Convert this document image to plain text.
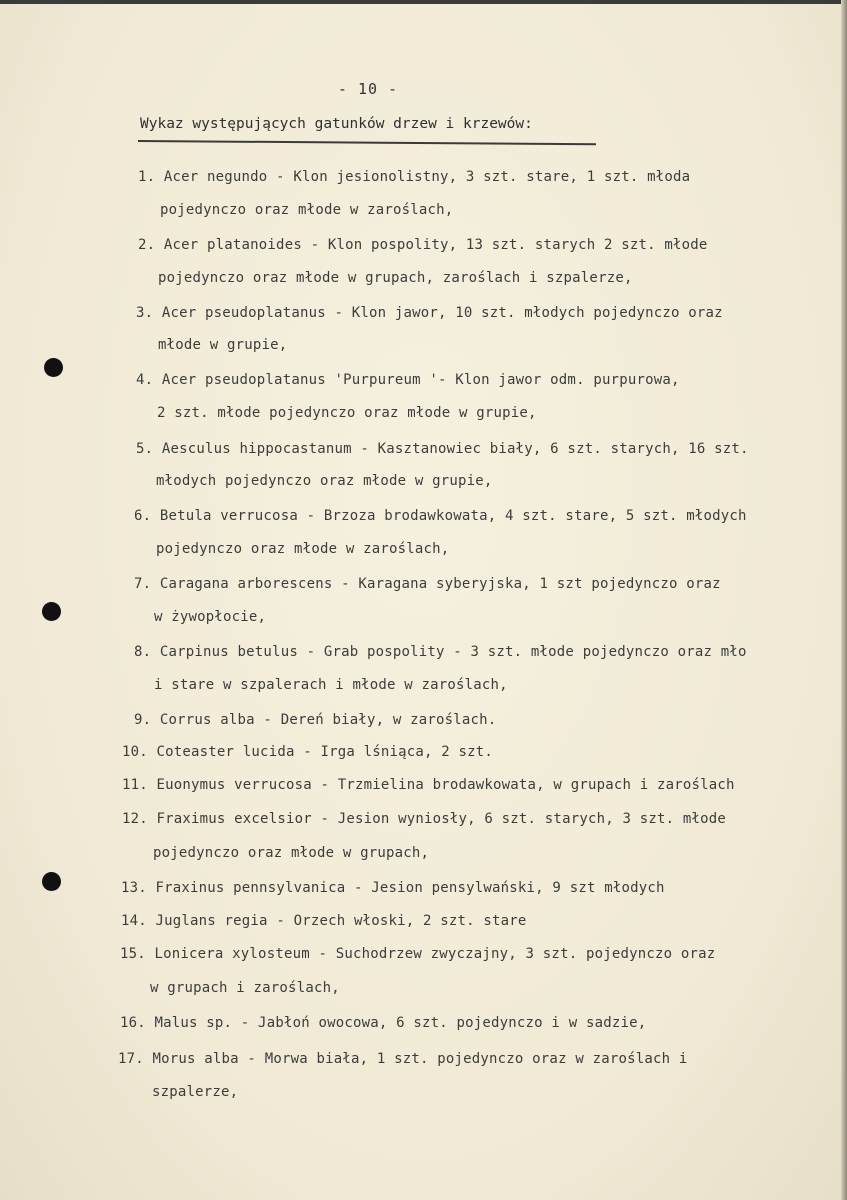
- 10 -
Wykaz występujących gatunków drzew i krzewów:
1. Acer negundo - Klon jesionolistny, 3 szt. stare, 1 szt. młoda
pojedynczo oraz młode w zaroślach,
2. Acer platanoides - Klon pospolity, 13 szt. starych 2 szt. młode
pojedynczo oraz młode w grupach, zaroślach i szpalerze,
3. Acer pseudoplatanus - Klon jawor, 10 szt. młodych pojedynczo oraz
młode w grupie,
4. Acer pseudoplatanus 'Purpureum '- Klon jawor odm. purpurowa,
2 szt. młode pojedynczo oraz młode w grupie,
5. Aesculus hippocastanum - Kasztanowiec biały, 6 szt. starych, 16 szt.
młodych pojedynczo oraz młode w grupie,
6. Betula verrucosa - Brzoza brodawkowata, 4 szt. stare, 5 szt. młodych
pojedynczo oraz młode w zaroślach,
7. Caragana arborescens - Karagana syberyjska, 1 szt pojedynczo oraz
w żywopłocie,
8. Carpinus betulus - Grab pospolity - 3 szt. młode pojedynczo oraz mło
i stare w szpalerach i młode w zaroślach,
9. Corrus alba - Dereń biały, w zaroślach.
10. Coteaster lucida - Irga lśniąca, 2 szt.
11. Euonymus verrucosa - Trzmielina brodawkowata, w grupach i zaroślach
12. Fraximus excelsior - Jesion wyniosły, 6 szt. starych, 3 szt. młode
pojedynczo oraz młode w grupach,
13. Fraxinus pennsylvanica - Jesion pensylwański, 9 szt młodych
14. Juglans regia - Orzech włoski, 2 szt. stare
15. Lonicera xylosteum - Suchodrzew zwyczajny, 3 szt. pojedynczo oraz
w grupach i zaroślach,
16. Malus sp. - Jabłoń owocowa, 6 szt. pojedynczo i w sadzie,
17. Morus alba - Morwa biała, 1 szt. pojedynczo oraz w zaroślach i
szpalerze,
